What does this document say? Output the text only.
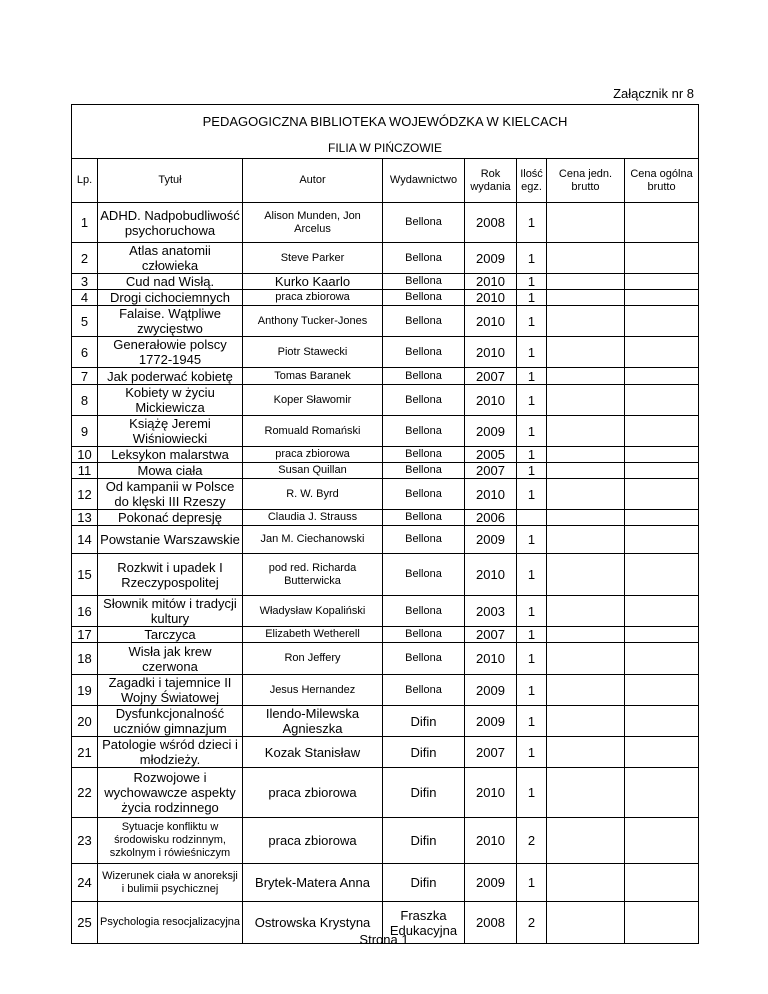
Załącznik nr 8
PEDAGOGICZNA BIBLIOTEKA WOJEWÓDZKA W KIELCACH							
FILIA W PIŃCZOWIE							
Lp.	Tytuł	Autor	Wydawnictwo	Rok wydania	Ilość egz.	Cena jedn. brutto	Cena ogólna brutto
1	ADHD. Nadpobudliwość psychoruchowa	Alison Munden, Jon Arcelus	Bellona	2008	1		
2	Atlas anatomii człowieka	Steve Parker	Bellona	2009	1		
3	Cud nad Wisłą.	Kurko Kaarlo	Bellona	2010	1		
4	Drogi cichociemnych	praca zbiorowa	Bellona	2010	1		
5	Falaise. Wątpliwe zwycięstwo	Anthony Tucker-Jones	Bellona	2010	1		
6	Generałowie polscy 1772-1945	Piotr Stawecki	Bellona	2010	1		
7	Jak poderwać kobietę	Tomas Baranek	Bellona	2007	1		
8	Kobiety w życiu Mickiewicza	Koper Sławomir	Bellona	2010	1		
9	Książę Jeremi Wiśniowiecki	Romuald Romański	Bellona	2009	1		
10	Leksykon malarstwa	praca zbiorowa	Bellona	2005	1		
11	Mowa ciała	Susan Quillan	Bellona	2007	1		
12	Od kampanii w Polsce do klęski III Rzeszy	R. W. Byrd	Bellona	2010	1		
13	Pokonać depresję	Claudia J. Strauss	Bellona	2006			
14	Powstanie Warszawskie	Jan M. Ciechanowski	Bellona	2009	1		
15	Rozkwit i upadek I Rzeczypospolitej	pod red. Richarda Butterwicka	Bellona	2010	1		
16	Słownik mitów i tradycji kultury	Władysław Kopaliński	Bellona	2003	1		
17	Tarczyca	Elizabeth Wetherell	Bellona	2007	1		
18	Wisła jak krew czerwona	Ron Jeffery	Bellona	2010	1		
19	Zagadki i tajemnice II Wojny Światowej	Jesus Hernandez	Bellona	2009	1		
20	Dysfunkcjonalność uczniów gimnazjum	Ilendo-Milewska Agnieszka	Difin	2009	1		
21	Patologie wśród dzieci i młodzieży.	Kozak Stanisław	Difin	2007	1		
22	Rozwojowe i wychowawcze aspekty życia rodzinnego	praca zbiorowa	Difin	2010	1		
23	Sytuacje konfliktu w środowisku rodzinnym, szkolnym i rówieśniczym	praca zbiorowa	Difin	2010	2		
24	Wizerunek ciała w anoreksji i bulimii psychicznej	Brytek-Matera Anna	Difin	2009	1		
25	Psychologia resocjalizacyjna	Ostrowska Krystyna	Fraszka Edukacyjna	2008	2		
Strona 1
